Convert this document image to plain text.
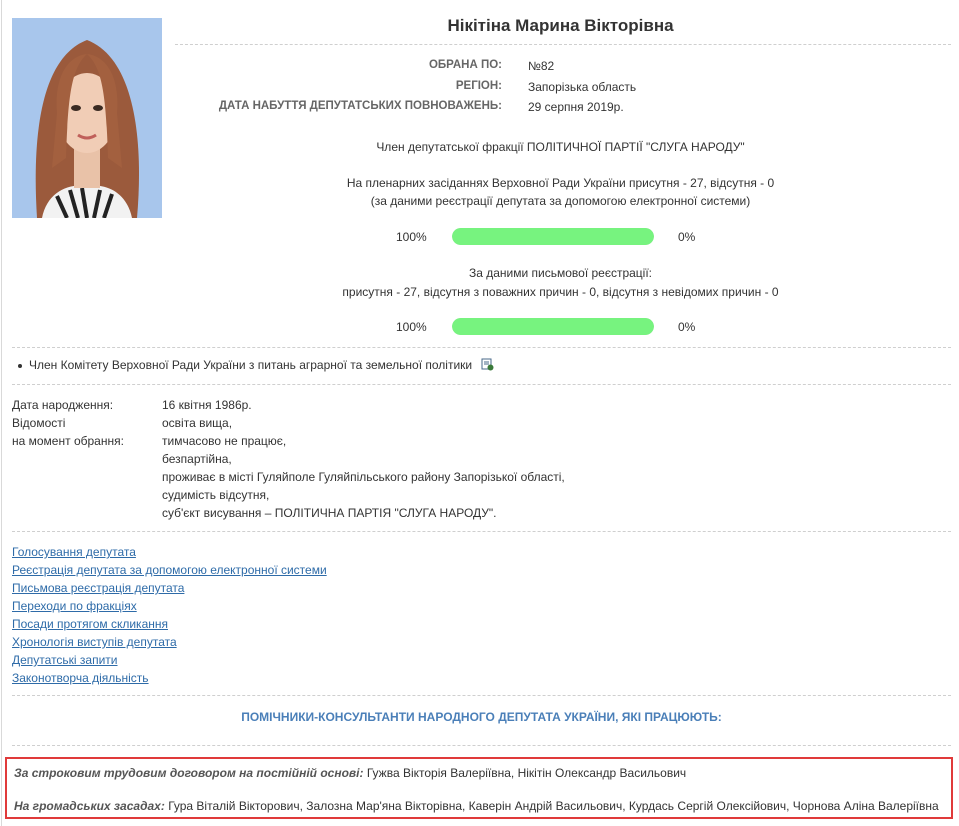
Нікітіна Марина Вікторівна
ОБРАНА ПО: №82
РЕГІОН: Запорізька область
ДАТА НАБУТТЯ ДЕПУТАТСЬКИХ ПОВНОВАЖЕНЬ: 29 серпня 2019р.
Член депутатської фракції ПОЛІТИЧНОЇ ПАРТІЇ "СЛУГА НАРОДУ"
На пленарних засіданнях Верховної Ради України присутня - 27, відсутня - 0
(за даними реєстрації депутата за допомогою електронної системи)
100%	0%
За даними письмової реєстрації:
присутня - 27, відсутня з поважних причин - 0, відсутня з невідомих причин - 0
100%	0%
Член Комітету Верховної Ради України з питань аграрної та земельної політики
Дата народження:	16 квітня 1986р.
Відомості
на момент обрання:
освіта вища,
тимчасово не працює,
безпартійна,
проживає в місті Гуляйполе Гуляйпільського району Запорізької області,
судимість відсутня,
суб'єкт висування – ПОЛІТИЧНА ПАРТІЯ "СЛУГА НАРОДУ".
Голосування депутата
Реєстрація депутата за допомогою електронної системи
Письмова реєстрація депутата
Переходи по фракціях
Посади протягом скликання
Хронологія виступів депутата
Депутатські запити
Законотворча діяльність
ПОМІЧНИКИ-КОНСУЛЬТАНТИ НАРОДНОГО ДЕПУТАТА УКРАЇНИ, ЯКІ ПРАЦЮЮТЬ:
За строковим трудовим договором на постійній основі: Гужва Вікторія Валеріївна, Нікітін Олександр Васильович
На громадських засадах: Гура Віталій Вікторович, Залозна Мар'яна Вікторівна, Каверін Андрій Васильович, Курдась Сергій Олексійович, Чорнова Аліна Валеріївна
